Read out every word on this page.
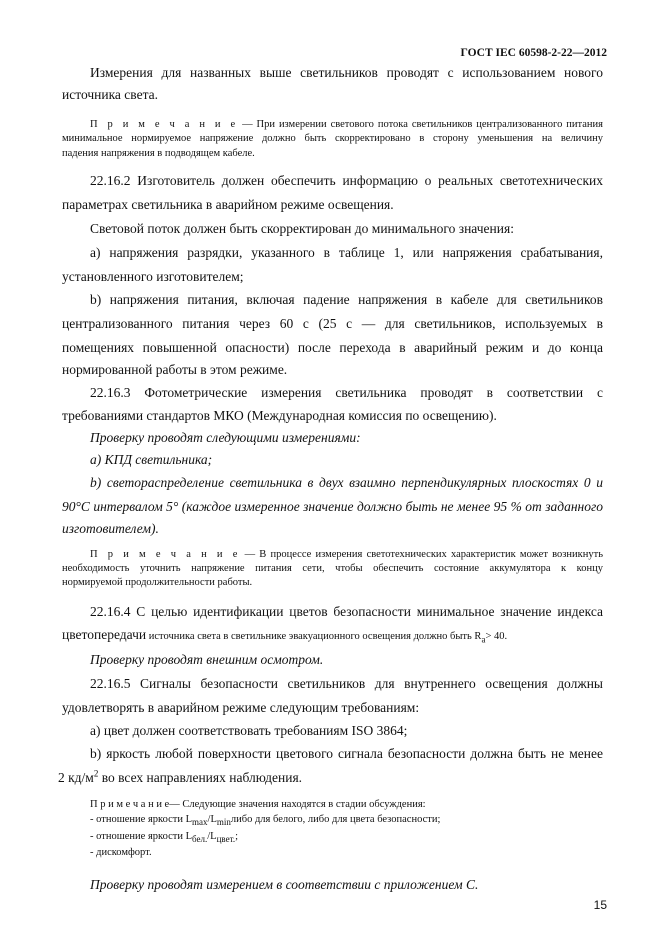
ГОСТ IEC 60598-2-22—2012
Измерения для названных выше светильников проводят с использованием нового
источника света.
П р и м е ч а н и е — При измерении светового потока светильников централизованного питания
минимальное нормируемое напряжение должно быть скорректировано в сторону уменьшения на величину
падения напряжения в подводящем кабеле.
22.16.2 Изготовитель должен обеспечить информацию о реальных светотехнических
параметрах светильника в аварийном режиме освещения.
Световой поток должен быть скорректирован до минимального значения:
а) напряжения разрядки, указанного в таблице 1, или напряжения срабатывания,
установленного изготовителем;
b) напряжения питания, включая падение напряжения в кабеле для светильников
централизованного питания через 60 с (25 с — для светильников, используемых в
помещениях повышенной опасности) после перехода в аварийный режим и до конца
нормированной работы в этом режиме.
22.16.3 Фотометрические измерения светильника проводят в соответствии с
требованиями стандартов МКО (Международная комиссия по освещению).
Проверку проводят следующими измерениями:
а) КПД светильника;
b) светораспределение светильника в двух взаимно перпендикулярных плоскостях 0 и
90°С интервалом 5° (каждое измеренное значение должно быть не менее 95 % от заданного
изготовителем).
П р и м е ч а н и е — В процессе измерения светотехнических характеристик может возникнуть
необходимость уточнить напряжение питания сети, чтобы обеспечить состояние аккумулятора к концу
нормируемой продолжительности работы.
22.16.4 С целью идентификации цветов безопасности минимальное значение индекса
цветопередачи источника света в светильнике эвакуационного освещения должно быть $R_a> 40$.
Проверку проводят внешним осмотром.
22.16.5 Сигналы безопасности светильников для внутреннего освещения должны
удовлетворять в аварийном режиме следующим требованиям:
а) цвет должен соответствовать требованиям ISO 3864;
b) яркость любой поверхности цветового сигнала безопасности должна быть не менее
2 $кд/м^2$ во всех направлениях наблюдения.
П р и м е ч а н и е— Следующие значения находятся в стадии обсуждения:
- отношение яркости $L_{max}/L_{min}либо$ для белого, либо для цвета безопасности;
- отношение яркости $L_{бел.}/L_{цвет.}$;
- дискомфорт.
Проверку проводят измерением в соответствии с приложением С.
15
